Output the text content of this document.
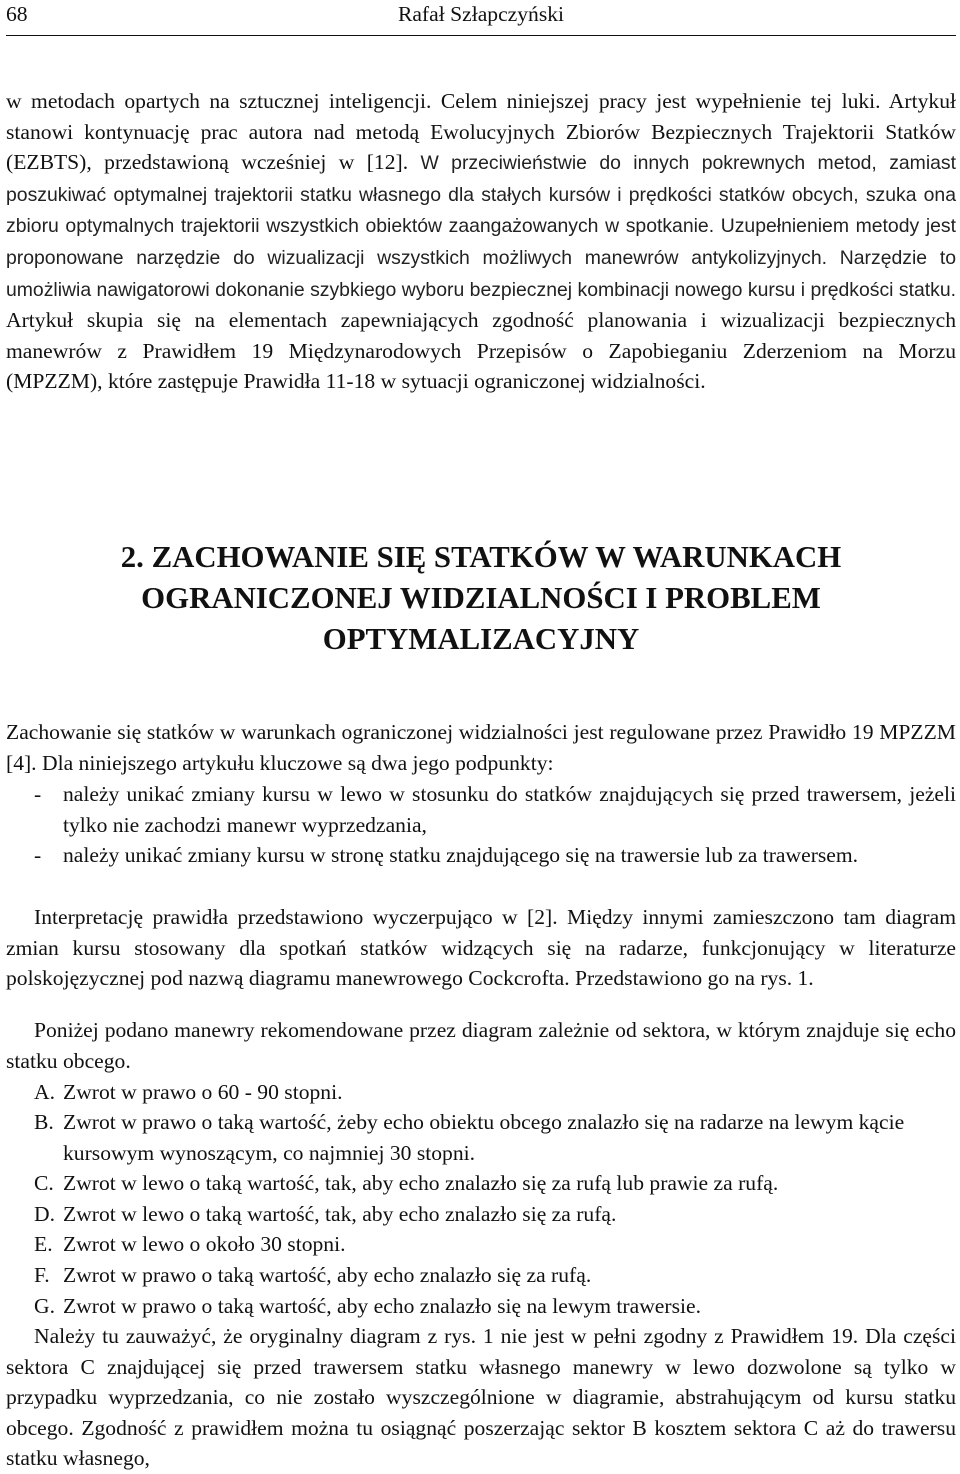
68	Rafał Szłapczyński

w metodach opartych na sztucznej inteligencji. Celem niniejszej pracy jest wypełnienie tej luki. Artykuł stanowi kontynuację prac autora nad metodą Ewolucyjnych Zbiorów Bezpiecznych Trajektorii Statków (EZBTS), przedstawioną wcześniej w [12]. W przeciwieństwie do innych pokrewnych metod, zamiast poszukiwać optymalnej trajektorii statku własnego dla stałych kursów i prędkości statków obcych, szuka ona zbioru optymalnych trajektorii wszystkich obiektów zaangażowanych w spotkanie. Uzupełnieniem metody jest proponowane narzędzie do wizualizacji wszystkich możliwych manewrów antykolizyjnych. Narzędzie to umożliwia nawigatorowi dokonanie szybkiego wyboru bezpiecznej kombinacji nowego kursu i prędkości statku. Artykuł skupia się na elementach zapewniających zgodność planowania i wizualizacji bezpiecznych manewrów z Prawidłem 19 Międzynarodowych Przepisów o Zapobieganiu Zderzeniom na Morzu (MPZZM), które zastępuje Prawidła 11-18 w sytuacji ograniczonej widzialności.

2. ZACHOWANIE SIĘ STATKÓW W WARUNKACH
OGRANICZONEJ WIDZIALNOŚCI I PROBLEM
OPTYMALIZACYJNY

Zachowanie się statków w warunkach ograniczonej widzialności jest regulowane przez Prawidło 19 MPZZM [4]. Dla niniejszego artykułu kluczowe są dwa jego podpunkty:

- należy unikać zmiany kursu w lewo w stosunku do statków znajdujących się przed trawersem, jeżeli tylko nie zachodzi manewr wyprzedzania,

- należy unikać zmiany kursu w stronę statku znajdującego się na trawersie lub za trawersem.

Interpretację prawidła przedstawiono wyczerpująco w [2]. Między innymi zamieszczono tam diagram zmian kursu stosowany dla spotkań statków widzących się na radarze, funkcjonujący w literaturze polskojęzycznej pod nazwą diagramu manewrowego Cockcrofta. Przedstawiono go na rys. 1.

Poniżej podano manewry rekomendowane przez diagram zależnie od sektora, w którym znajduje się echo statku obcego.

A. Zwrot w prawo o 60 - 90 stopni.

B. Zwrot w prawo o taką wartość, żeby echo obiektu obcego znalazło się na radarze na lewym kącie kursowym wynoszącym, co najmniej 30 stopni.

C. Zwrot w lewo o taką wartość, tak, aby echo znalazło się za rufą lub prawie za rufą.

D. Zwrot w lewo o taką wartość, tak, aby echo znalazło się za rufą.

E. Zwrot w lewo o około 30 stopni.

F. Zwrot w prawo o taką wartość, aby echo znalazło się za rufą.

G. Zwrot w prawo o taką wartość, aby echo znalazło się na lewym trawersie.

Należy tu zauważyć, że oryginalny diagram z rys. 1 nie jest w pełni zgodny z Prawidłem 19. Dla części sektora C znajdującej się przed trawersem statku własnego manewry w lewo dozwolone są tylko w przypadku wyprzedzania, co nie zostało wyszczególnione w diagramie, abstrahującym od kursu statku obcego. Zgodność z prawidłem można tu osiągnąć poszerzając sektor B kosztem sektora C aż do trawersu statku własnego,
